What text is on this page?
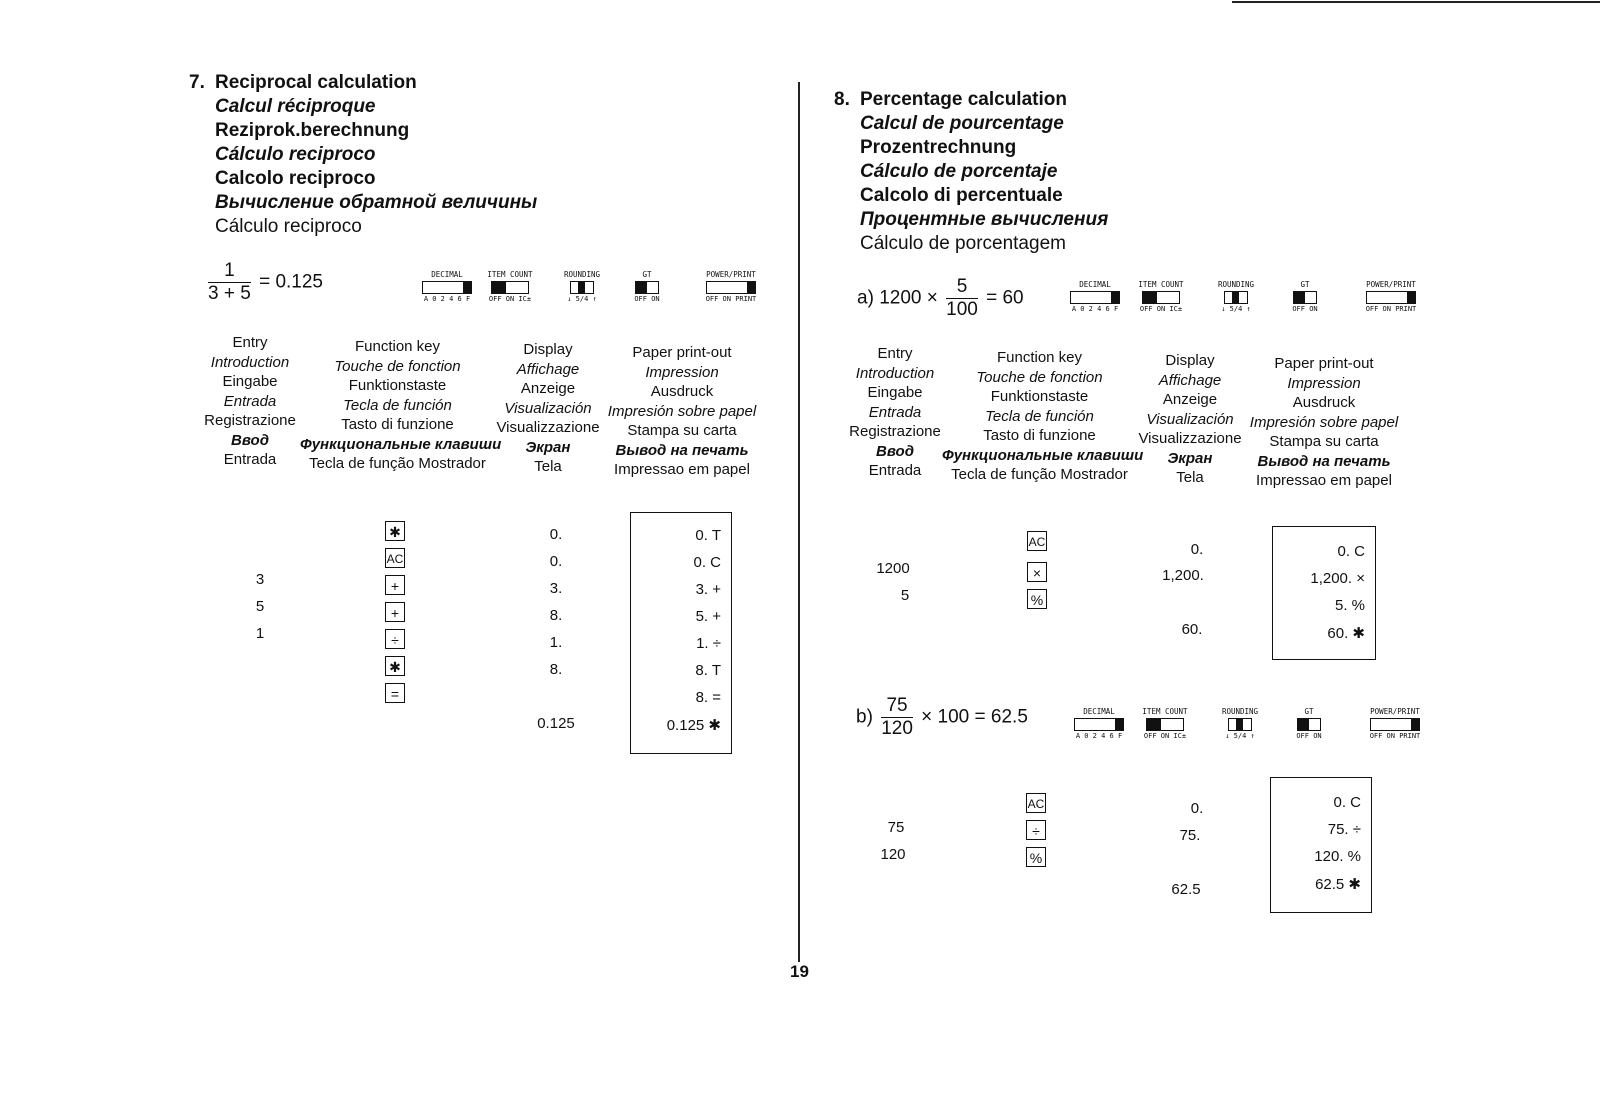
19
7. Reciprocal calculation
Calcul réciproque
Reziprok.berechnung
Cálculo reciproco
Calcolo reciproco
Вычисление обратной величины
Cálculo reciproco
$\frac{1}{3 + 5} = 0.125$	DECIMAL
A 0 2 4 6 F
ITEM COUNT
OFF ON IC±
ROUNDING
↓ 5/4 ↑
GT
OFF ON
POWER/PRINT
OFF ON PRINT
Entry
Introduction
Eingabe
Entrada
Registrazione
Ввод
Entrada
Function key
Touche de fonction
Funktionstaste
Tecla de función
Tasto di funzione
Функциональные клавиши
Tecla de função Mostrador
Display
Affichage
Anzeige
Visualización
Visualizzazione
Экран
Tela
Paper print-out
Impression
Ausdruck
Impresión sobre papel
Stampa su carta
Вывод на печать
Impressao em papel
3
5
1
✱
AC
+
+
÷
✱
=
0.
0.
3.
8.
1.
8.
0.125
0. T
0. C
3. +
5. +
1. ÷
8. T
8. =
0.125 ✱
8. Percentage calculation
Calcul de pourcentage
Prozentrechnung
Cálculo de porcentaje
Calcolo di percentuale
Процентные вычисления
Cálculo de porcentagem
a) $1200 \times \frac{5}{100} = 60$
DECIMAL
A 0 2 4 6 F
ITEM COUNT
OFF ON IC±
ROUNDING
↓ 5/4 ↑
GT
OFF ON
POWER/PRINT
OFF ON PRINT
Entry
Introduction
Eingabe
Entrada
Registrazione
Ввод
Entrada
Function key
Touche de fonction
Funktionstaste
Tecla de función
Tasto di funzione
Функциональные клавиши
Tecla de função Mostrador
Display
Affichage
Anzeige
Visualización
Visualizzazione
Экран
Tela
Paper print-out
Impression
Ausdruck
Impresión sobre papel
Stampa su carta
Вывод на печать
Impressao em papel
1200
5
AC
×
%
0.
1,200.
60.
0. C
1,200. ×
5. %
60. ✱
$b) \frac{75}{120} \times 100 = 62.5$	DECIMAL
A 0 2 4 6 F
ITEM COUNT
OFF ON IC±
ROUNDING
↓ 5/4 ↑
GT
OFF ON
POWER/PRINT
OFF ON PRINT
75
120
AC
÷
%
0.
75.
62.5
0. C
75. ÷
120. %
62.5 ✱
